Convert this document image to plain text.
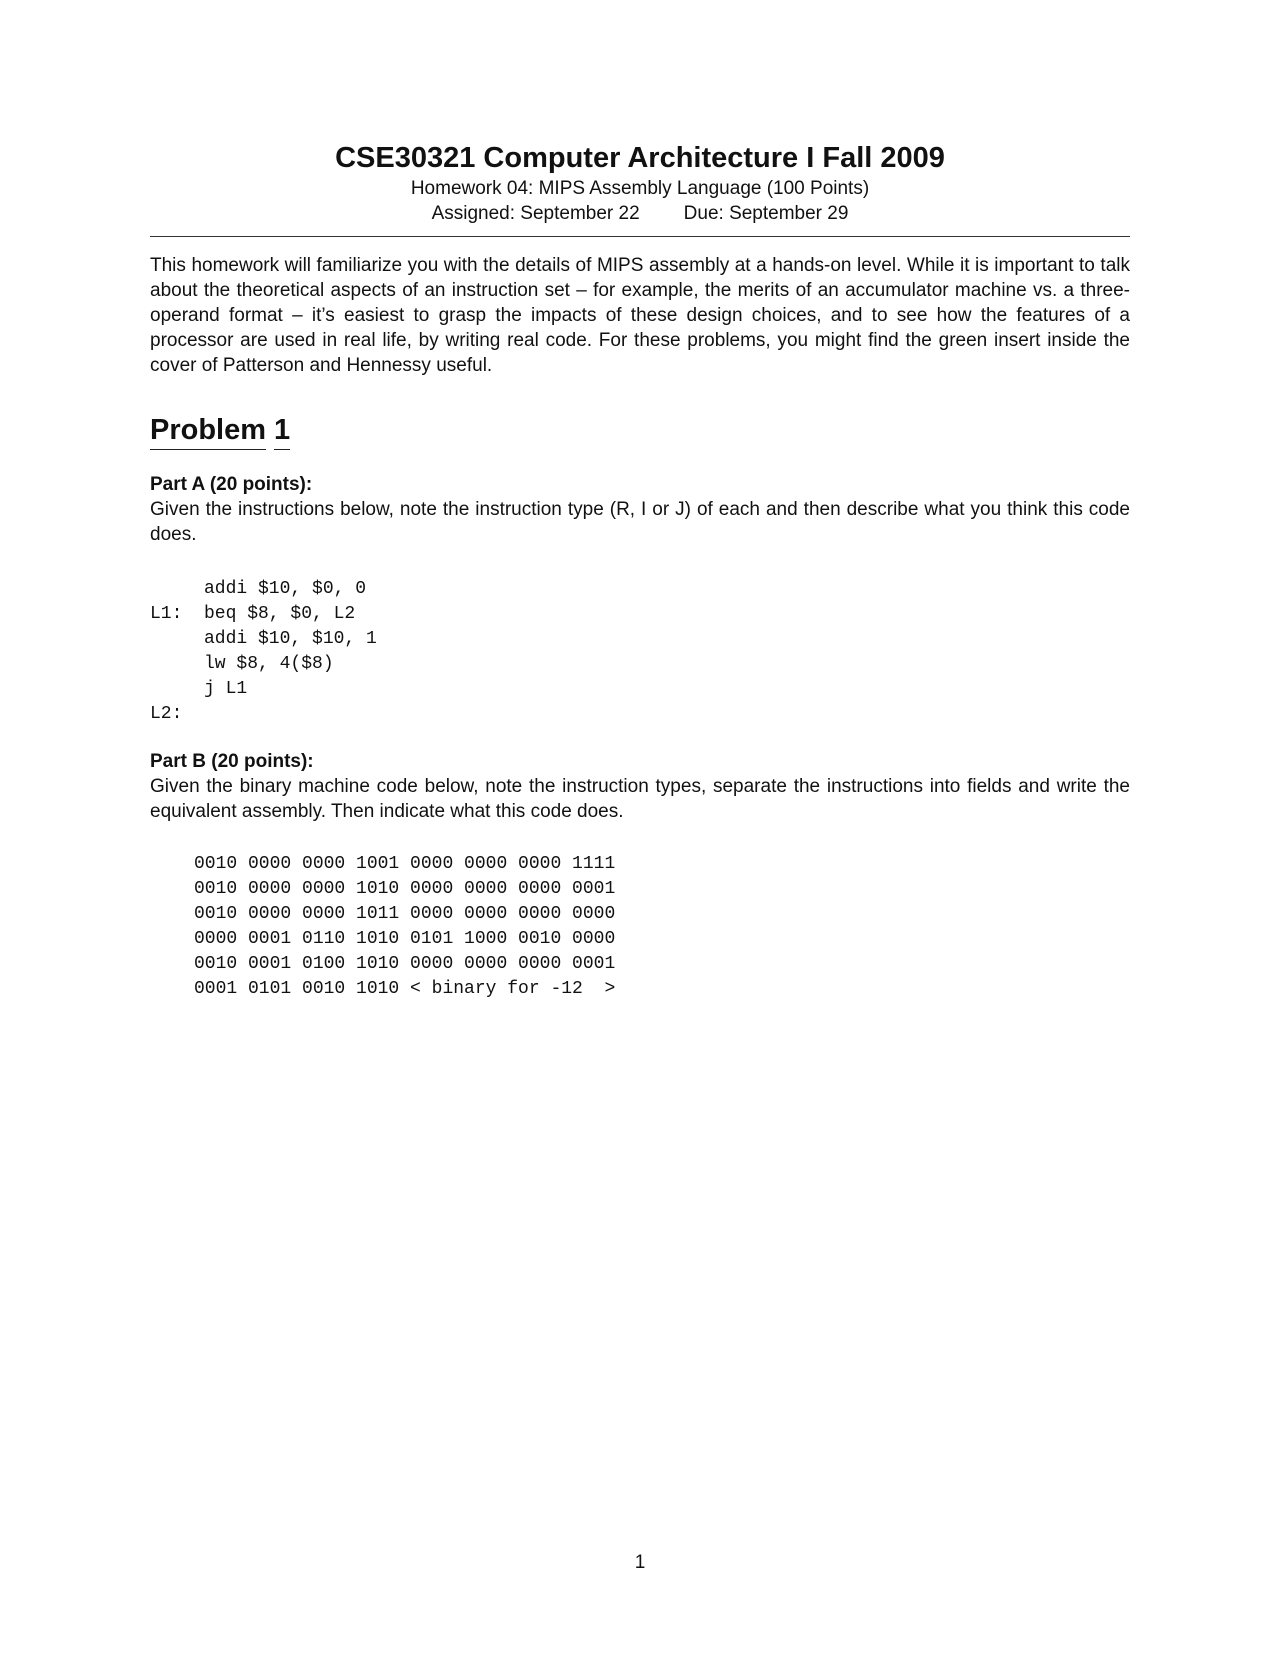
CSE30321 Computer Architecture I Fall 2009

Homework 04: MIPS Assembly Language (100 Points)

Assigned: September 22 Due: September 29

This homework will familiarize you with the details of MIPS assembly at a hands-on level. While it is important to talk about the theoretical aspects of an instruction set – for example, the merits of an accumulator machine vs. a three-operand format – it’s easiest to grasp the impacts of these design choices, and to see how the features of a processor are used in real life, by writing real code. For these problems, you might find the green insert inside the cover of Patterson and Hennessy useful.

Problem 1

Part A (20 points):

Given the instructions below, note the instruction type (R, I or J) of each and then describe what you think this code does.

addi $10, $0, 0
L1:	beq $8, $0, L2
addi $10, $10, 1
lw $8, 4($8)
j L1
L2:

Part B (20 points):

Given the binary machine code below, note the instruction types, separate the instructions into fields and write the equivalent assembly. Then indicate what this code does.

0010 0000 0000 1001 0000 0000 0000 1111
0010 0000 0000 1010 0000 0000 0000 0001
0010 0000 0000 1011 0000 0000 0000 0000
0000 0001 0110 1010 0101 1000 0010 0000
0010 0001 0100 1010 0000 0000 0000 0001
0001 0101 0010 1010 < binary for -12  >
1
